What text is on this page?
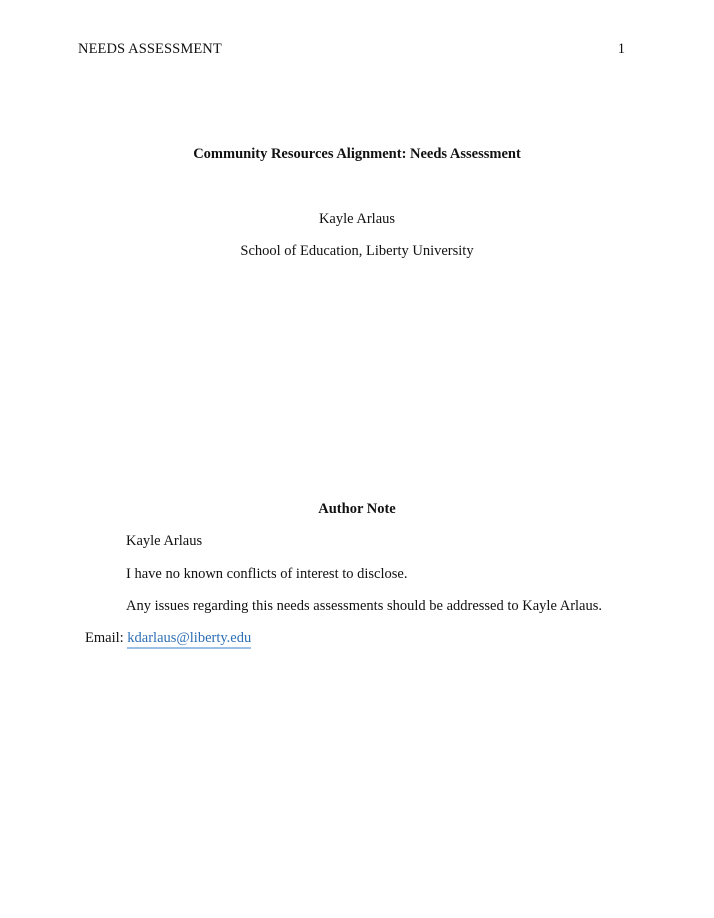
NEEDS ASSESSMENT	1
Community Resources Alignment: Needs Assessment
Kayle Arlaus
School of Education, Liberty University
Author Note
Kayle Arlaus
I have no known conflicts of interest to disclose.
Any issues regarding this needs assessments should be addressed to Kayle Arlaus.
Email: kdarlaus@liberty.edu
